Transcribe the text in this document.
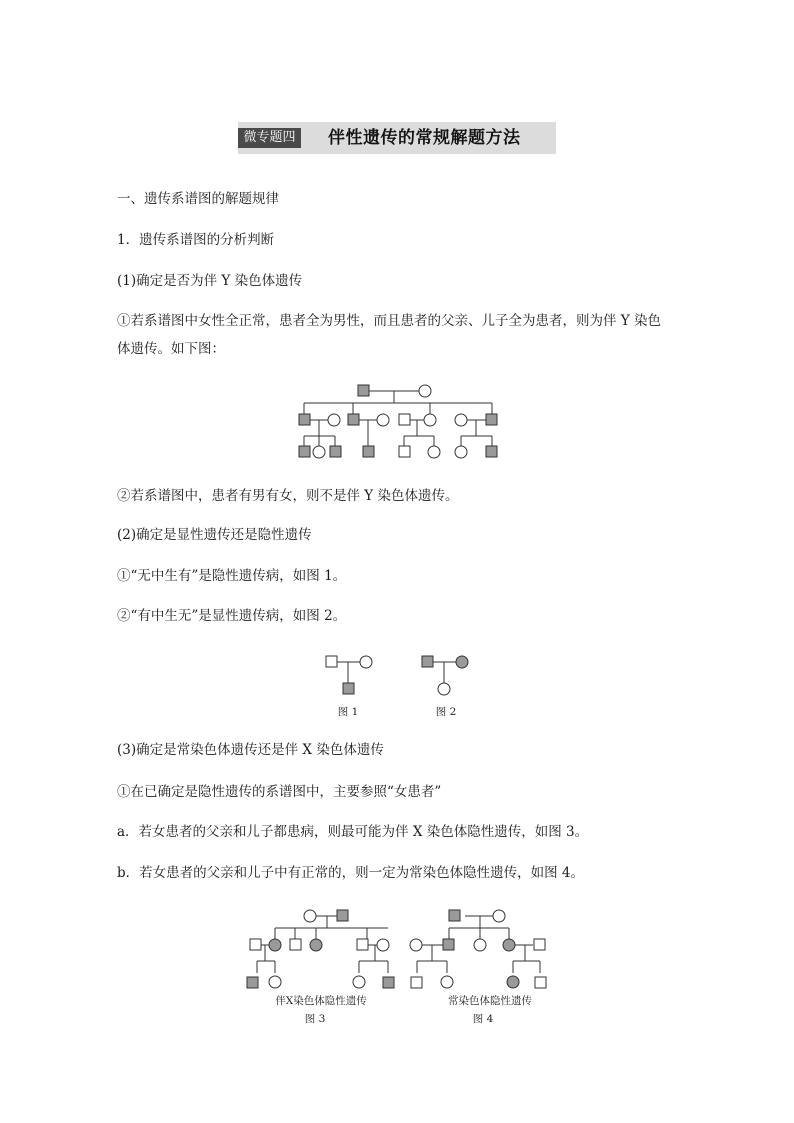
微专题四	伴性遗传的常规解题方法
一、遗传系谱图的解题规律
1．遗传系谱图的分析判断
(1)确定是否为伴 Y 染色体遗传
①若系谱图中女性全正常，患者全为男性，而且患者的父亲、儿子全为患者，则为伴 Y 染色
体遗传。如下图：
②若系谱图中，患者有男有女，则不是伴 Y 染色体遗传。
(2)确定是显性遗传还是隐性遗传
①“无中生有”是隐性遗传病，如图 1。
②“有中生无”是显性遗传病，如图 2。
图 1	图 2
(3)确定是常染色体遗传还是伴 X 染色体遗传
①在已确定是隐性遗传的系谱图中，主要参照“女患者”
a．若女患者的父亲和儿子都患病，则最可能为伴 X 染色体隐性遗传，如图 3。
b．若女患者的父亲和儿子中有正常的，则一定为常染色体隐性遗传，如图 4。
伴X染色体隐性遗传
图 3
常染色体隐性遗传
图 4
